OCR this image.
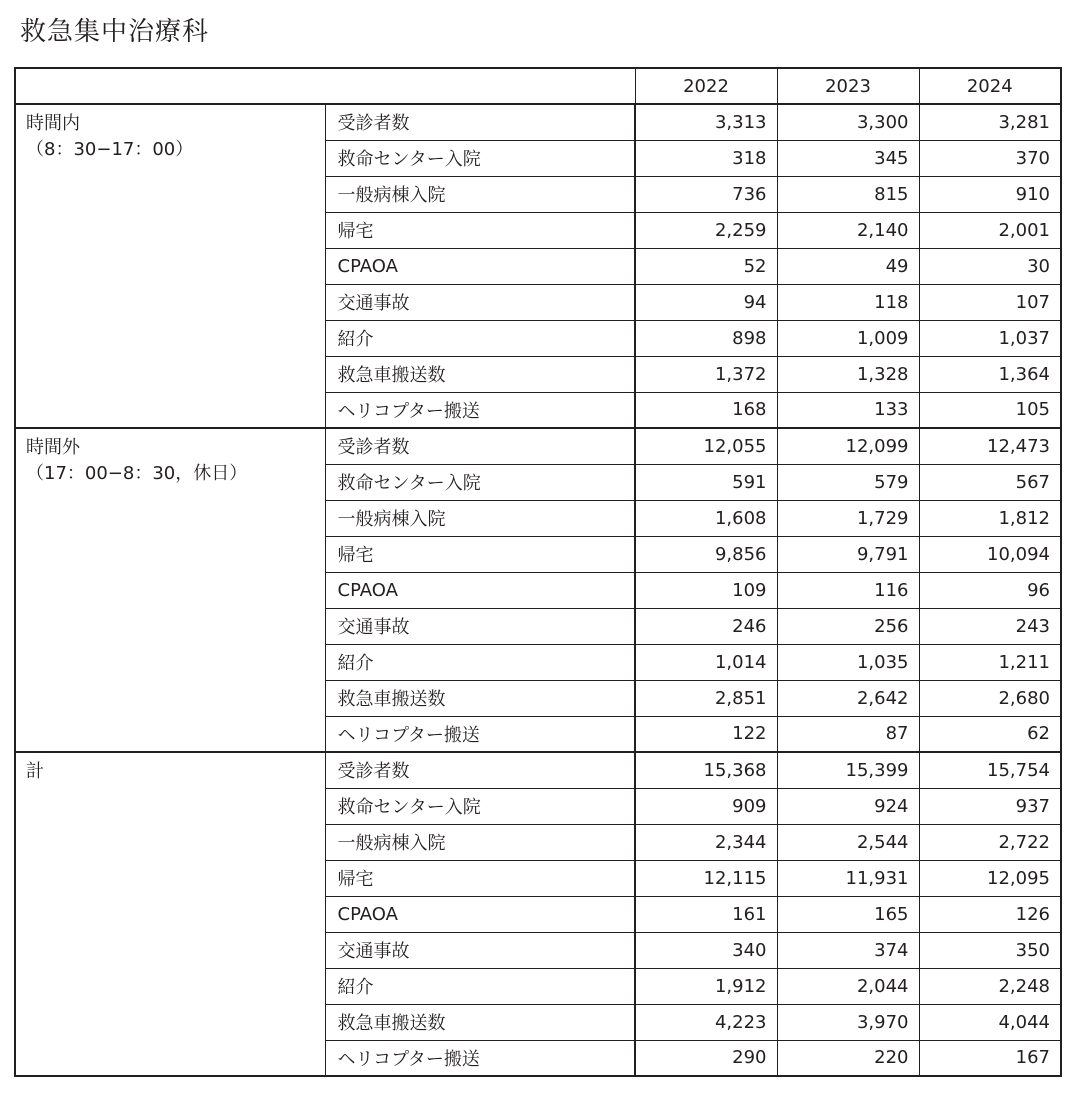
救急集中治療科
		2022	2023	2024

時間内
（8：30−17：00）	受診者数	3,313	3,300	3,281
	救命センター入院	318	345	370
	一般病棟入院	736	815	910
	帰宅	2,259	2,140	2,001
	CPAOA	52	49	30
	交通事故	94	118	107
	紹介	898	1,009	1,037
	救急車搬送数	1,372	1,328	1,364
	ヘリコプター搬送	168	133	105

時間外
（17：00−8：30，休日）	受診者数	12,055	12,099	12,473
	救命センター入院	591	579	567
	一般病棟入院	1,608	1,729	1,812
	帰宅	9,856	9,791	10,094
	CPAOA	109	116	96
	交通事故	246	256	243
	紹介	1,014	1,035	1,211
	救急車搬送数	2,851	2,642	2,680
	ヘリコプター搬送	122	87	62

計	受診者数	15,368	15,399	15,754
	救命センター入院	909	924	937
	一般病棟入院	2,344	2,544	2,722
	帰宅	12,115	11,931	12,095
	CPAOA	161	165	126
	交通事故	340	374	350
	紹介	1,912	2,044	2,248
	救急車搬送数	4,223	3,970	4,044
	ヘリコプター搬送	290	220	167
